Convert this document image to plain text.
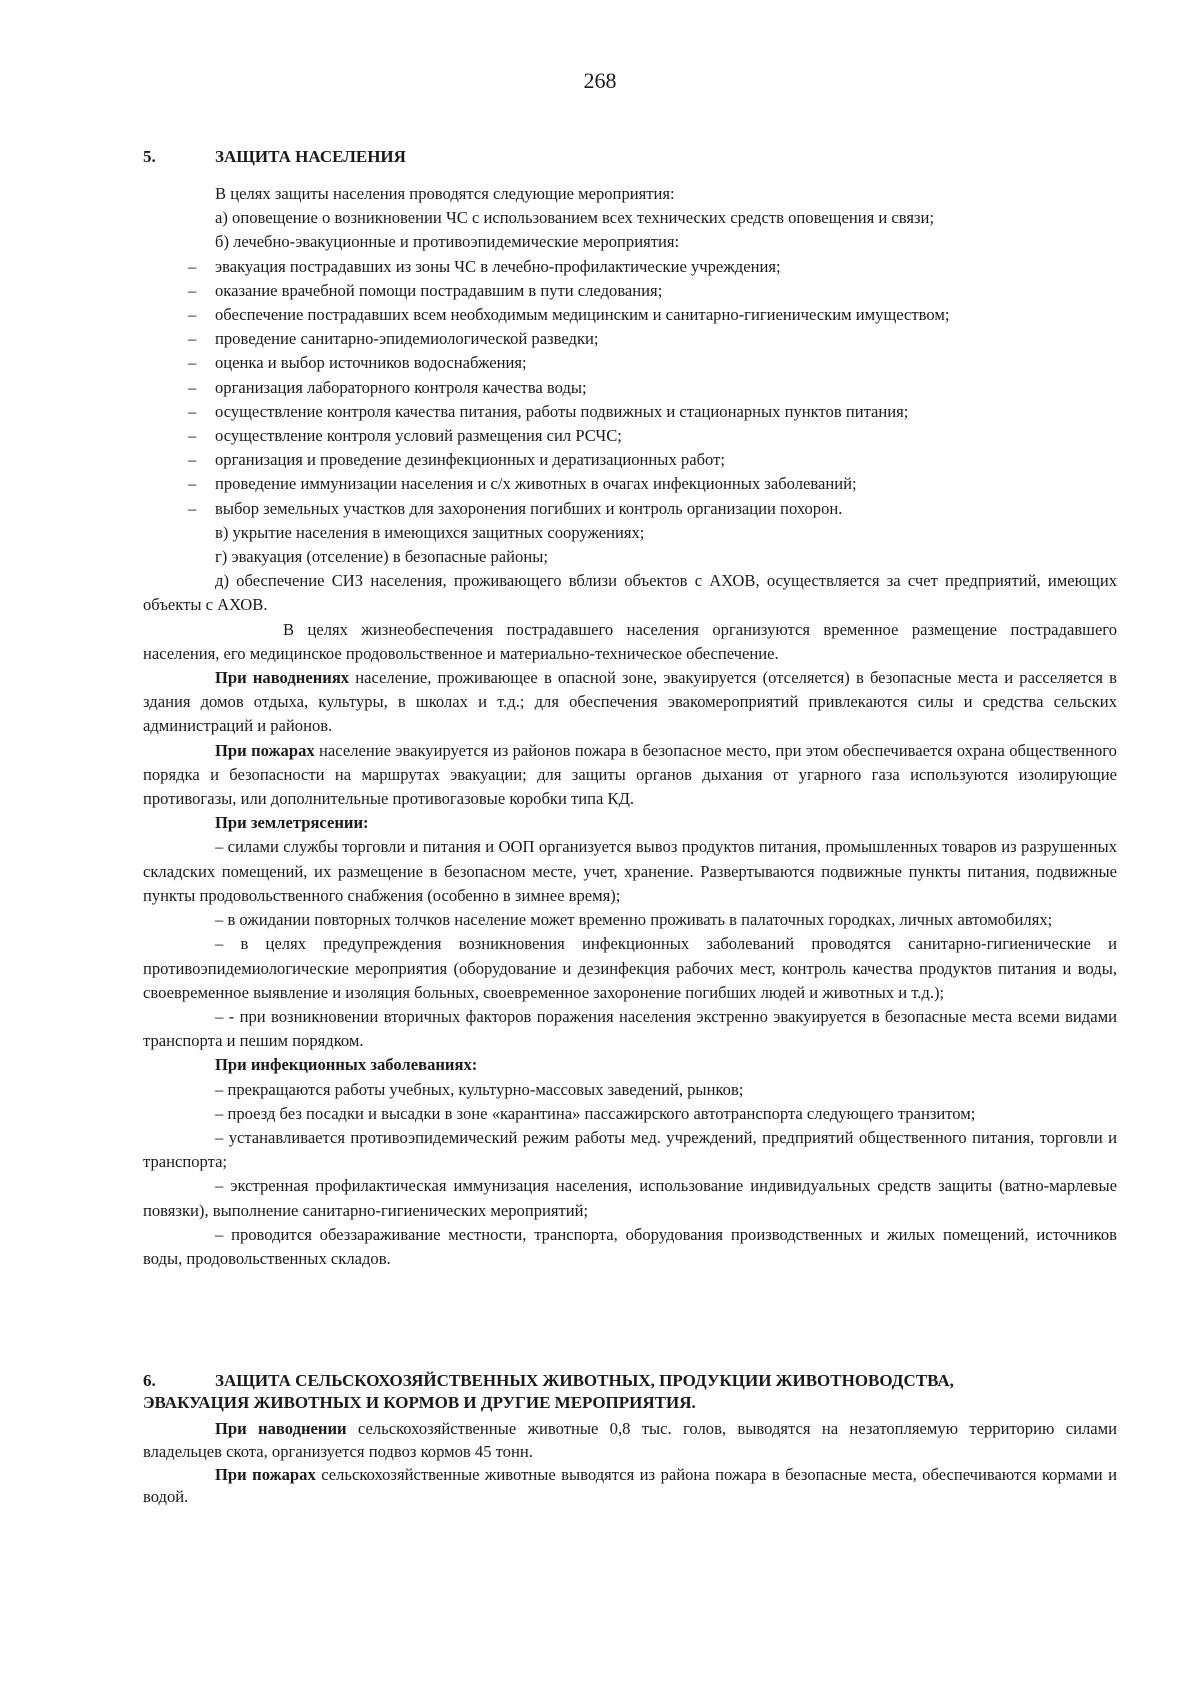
268
5.	ЗАЩИТА НАСЕЛЕНИЯ
В целях защиты населения проводятся следующие мероприятия:
а) оповещение о возникновении ЧС с использованием всех технических средств оповещения и связи;
б) лечебно-эвакуционные и противоэпидемические мероприятия:
– эвакуация пострадавших из зоны ЧС в лечебно-профилактические учреждения;
– оказание врачебной помощи пострадавшим в пути следования;
– обеспечение пострадавших всем необходимым медицинским и санитарно-гигиеническим имуществом;
– проведение санитарно-эпидемиологической разведки;
– оценка и выбор источников водоснабжения;
– организация лабораторного контроля качества воды;
– осуществление контроля качества питания, работы подвижных и стационарных пунктов питания;
– осуществление контроля условий размещения сил РСЧС;
– организация и проведение дезинфекционных и дератизационных работ;
– проведение иммунизации населения и с/х животных в очагах инфекционных заболеваний;
– выбор земельных участков для захоронения погибших и контроль организации похорон.
в) укрытие населения в имеющихся защитных сооружениях;
г) эвакуация (отселение) в безопасные районы;
д) обеспечение СИЗ населения, проживающего вблизи объектов с АХОВ, осуществляется за счет предприятий, имеющих объекты с АХОВ.
В целях жизнеобеспечения пострадавшего населения организуются временное размещение пострадавшего населения, его медицинское продовольственное и материально-техническое обеспечение.
При наводнениях население, проживающее в опасной зоне, эвакуируется (отселяется) в безопасные места и расселяется в здания домов отдыха, культуры, в школах и т.д.; для обеспечения эвакомероприятий привлекаются силы и средства сельских администраций и районов.
При пожарах население эвакуируется из районов пожара в безопасное место, при этом обеспечивается охрана общественного порядка и безопасности на маршрутах эвакуации; для защиты органов дыхания от угарного газа используются изолирующие противогазы, или дополнительные противогазовые коробки типа КД.
При землетрясении:
– силами службы торговли и питания и ООП организуется вывоз продуктов питания, промышленных товаров из разрушенных складских помещений, их размещение в безопасном месте, учет, хранение. Развертываются подвижные пункты питания, подвижные пункты продовольственного снабжения (особенно в зимнее время);
– в ожидании повторных толчков население может временно проживать в палаточных городках, личных автомобилях;
– в целях предупреждения возникновения инфекционных заболеваний проводятся санитарно-гигиенические и противоэпидемиологические мероприятия (оборудование и дезинфекция рабочих мест, контроль качества продуктов питания и воды, своевременное выявление и изоляция больных, своевременное захоронение погибших людей и животных и т.д.);
– - при возникновении вторичных факторов поражения населения экстренно эвакуируется в безопасные места всеми видами транспорта и пешим порядком.
При инфекционных заболеваниях:
– прекращаются работы учебных, культурно-массовых заведений, рынков;
– проезд без посадки и высадки в зоне «карантина» пассажирского автотранспорта следующего транзитом;
– устанавливается противоэпидемический режим работы мед. учреждений, предприятий общественного питания, торговли и транспорта;
– экстренная профилактическая иммунизация населения, использование индивидуальных средств защиты (ватно-марлевые повязки), выполнение санитарно-гигиенических мероприятий;
– проводится обеззараживание местности, транспорта, оборудования производственных и жилых помещений, источников воды, продовольственных складов.
6.	ЗАЩИТА СЕЛЬСКОХОЗЯЙСТВЕННЫХ ЖИВОТНЫХ, ПРОДУКЦИИ ЖИВОТНОВОДСТВА,
ЭВАКУАЦИЯ ЖИВОТНЫХ И КОРМОВ И ДРУГИЕ МЕРОПРИЯТИЯ.
При наводнении сельскохозяйственные животные 0,8 тыс. голов, выводятся на незатопляемую территорию силами владельцев скота, организуется подвоз кормов 45 тонн.
При пожарах сельскохозяйственные животные выводятся из района пожара в безопасные места, обеспечиваются кормами и водой.
